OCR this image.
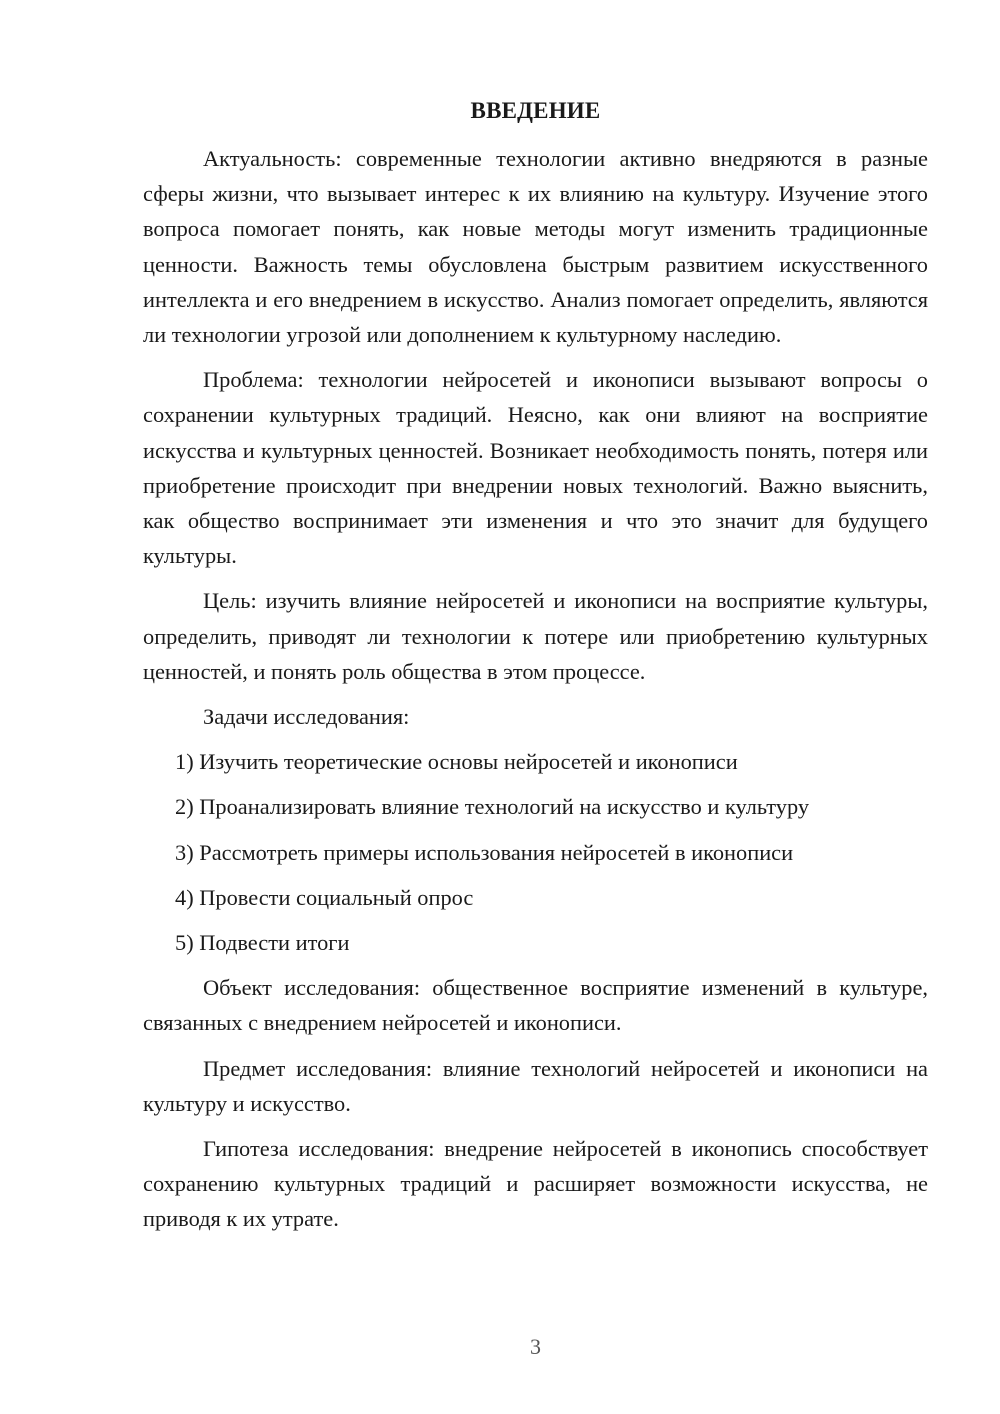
ВВЕДЕНИЕ

Актуальность: современные технологии активно внедряются в разные сферы жизни, что вызывает интерес к их влиянию на культуру. Изучение этого вопроса помогает понять, как новые методы могут изменить традиционные ценности. Важность темы обусловлена быстрым развитием искусственного интеллекта и его внедрением в искусство. Анализ помогает определить, являются ли технологии угрозой или дополнением к культурному наследию.

Проблема: технологии нейросетей и иконописи вызывают вопросы о сохранении культурных традиций. Неясно, как они влияют на восприятие искусства и культурных ценностей. Возникает необходимость понять, потеря или приобретение происходит при внедрении новых технологий. Важно выяснить, как общество воспринимает эти изменения и что это значит для будущего культуры.

Цель: изучить влияние нейросетей и иконописи на восприятие культуры, определить, приводят ли технологии к потере или приобретению культурных ценностей, и понять роль общества в этом процессе.

Задачи исследования:

1) Изучить теоретические основы нейросетей и иконописи

2) Проанализировать влияние технологий на искусство и культуру

3) Рассмотреть примеры использования нейросетей в иконописи

4) Провести социальный опрос

5) Подвести итоги

Объект исследования: общественное восприятие изменений в культуре, связанных с внедрением нейросетей и иконописи.

Предмет исследования: влияние технологий нейросетей и иконописи на культуру и искусство.

Гипотеза исследования: внедрение нейросетей в иконопись способствует сохранению культурных традиций и расширяет возможности искусства, не приводя к их утрате.

3
